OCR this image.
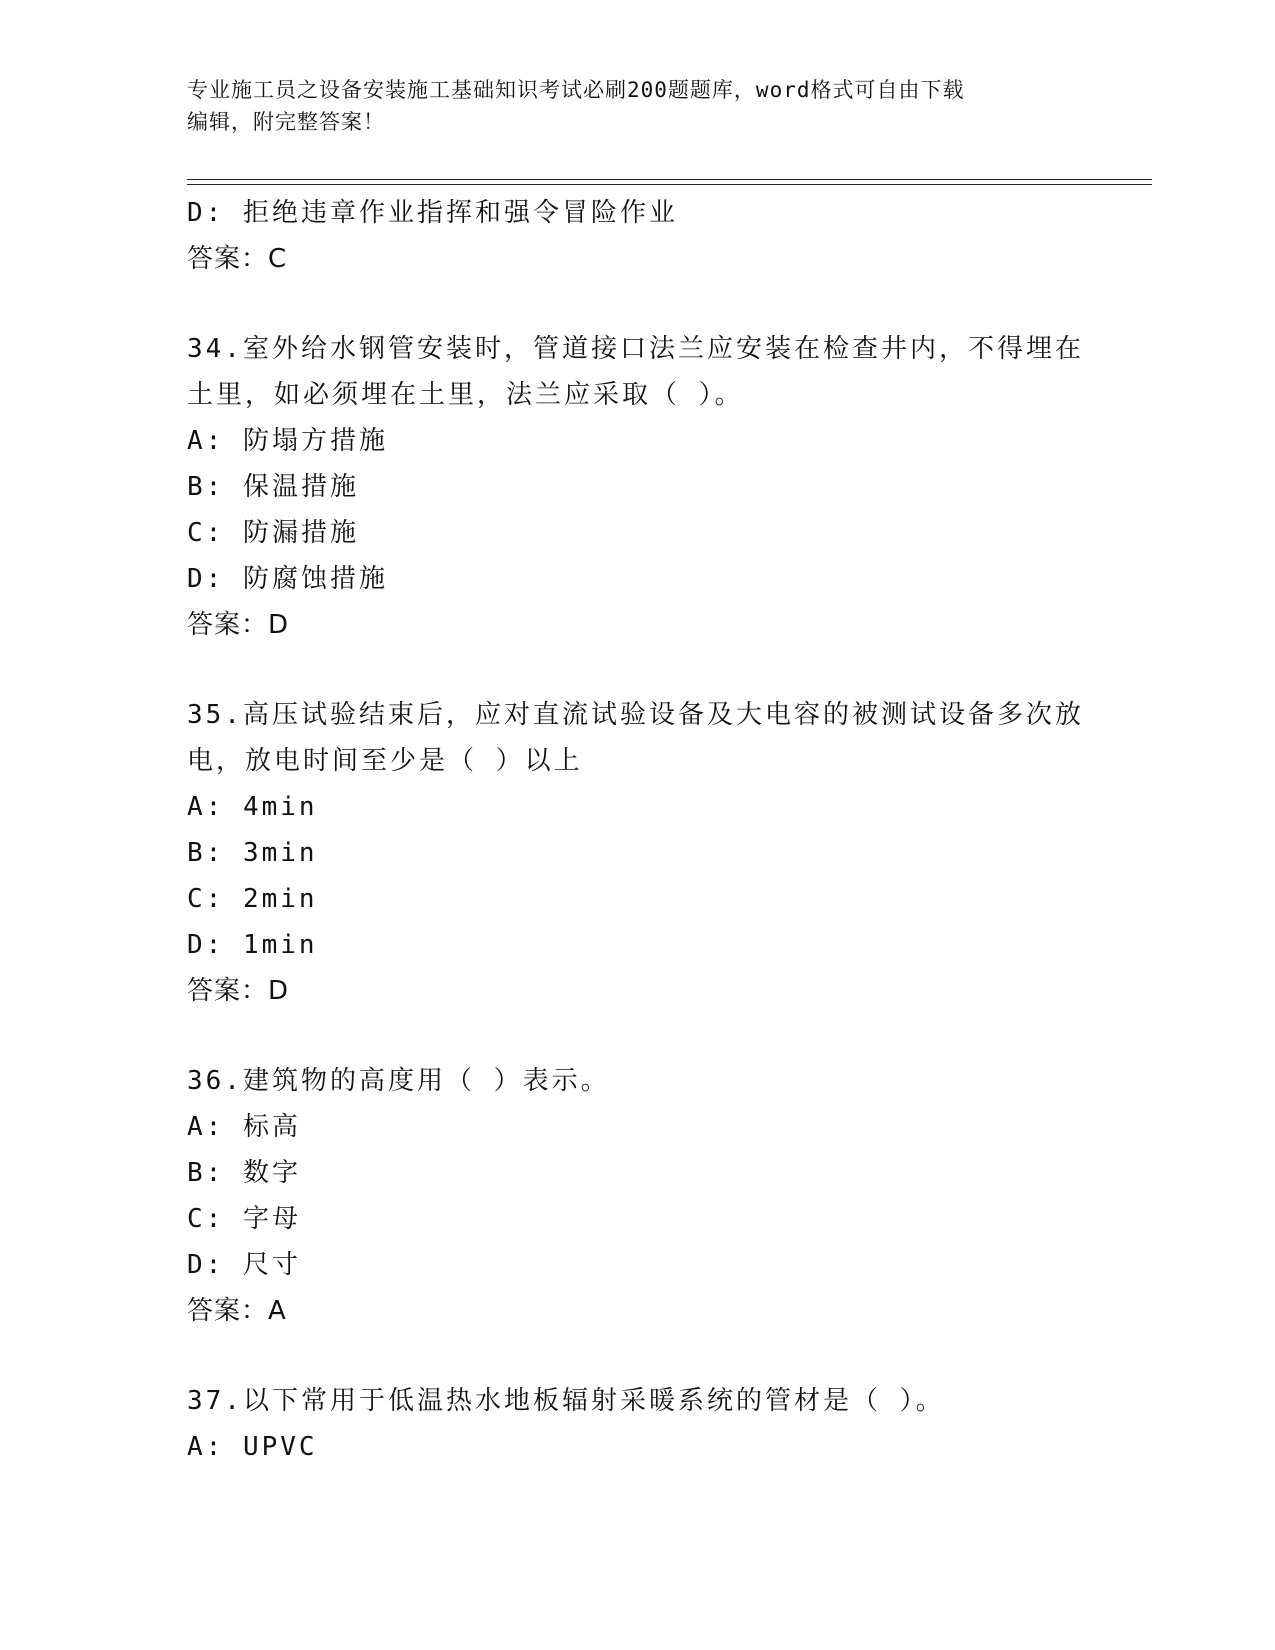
专业施工员之设备安装施工基础知识考试必刷200题题库，word格式可自由下载
编辑，附完整答案！
D: 拒绝违章作业指挥和强令冒险作业
答案：C
34.室外给水钢管安装时，管道接口法兰应安装在检查井内，不得埋在
土里，如必须埋在土里，法兰应采取（ ）。
A: 防塌方措施
B: 保温措施
C: 防漏措施
D: 防腐蚀措施
答案：D
35.高压试验结束后，应对直流试验设备及大电容的被测试设备多次放
电，放电时间至少是（ ）以上
A: 4min
B: 3min
C: 2min
D: 1min
答案：D
36.建筑物的高度用（ ）表示。
A: 标高
B: 数字
C: 字母
D: 尺寸
答案：A
37.以下常用于低温热水地板辐射采暖系统的管材是（ ）。
A: UPVC
